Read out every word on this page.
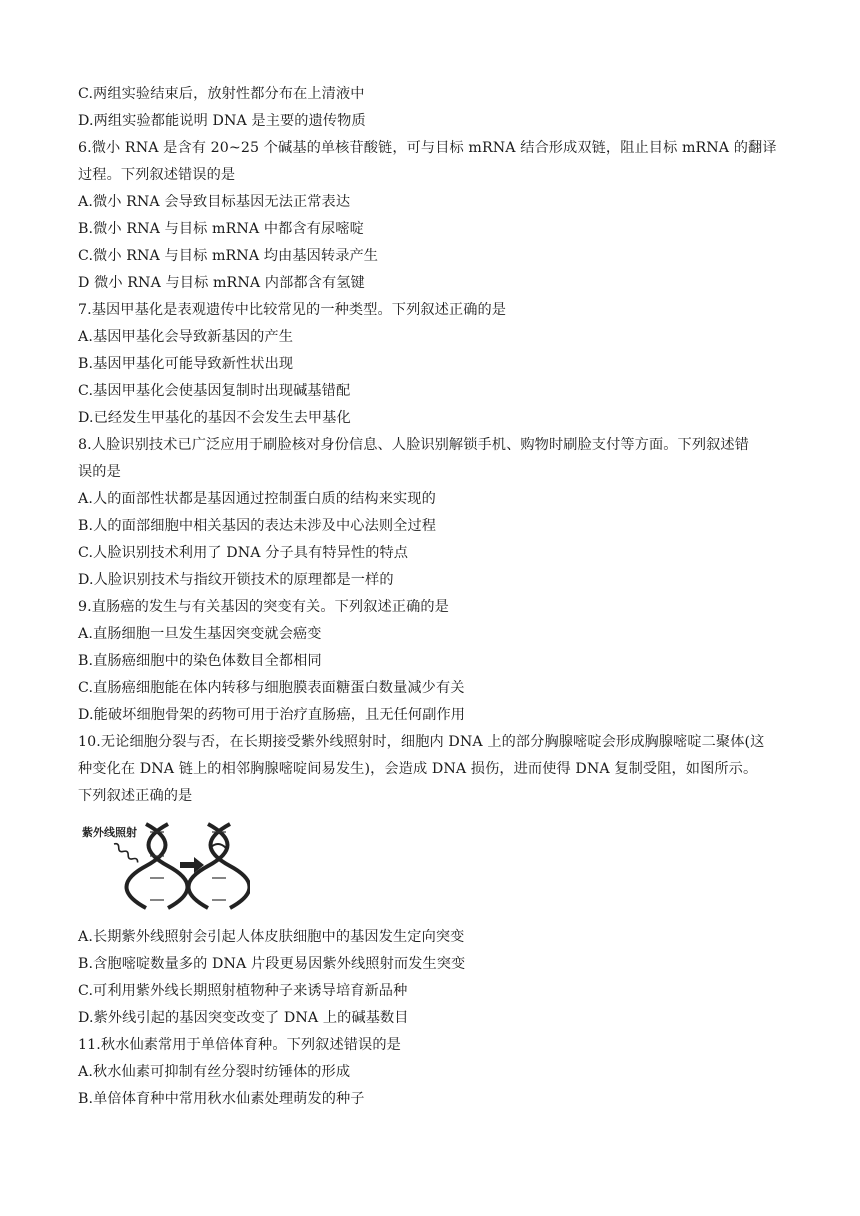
C.两组实验结束后，放射性都分布在上清液中
D.两组实验都能说明 DNA 是主要的遗传物质
6.微小 RNA 是含有 20~25 个碱基的单核苷酸链，可与目标 mRNA 结合形成双链，阻止目标 mRNA 的翻译
过程。下列叙述错误的是
A.微小 RNA 会导致目标基因无法正常表达
B.微小 RNA 与目标 mRNA 中都含有尿嘧啶
C.微小 RNA 与目标 mRNA 均由基因转录产生
D 微小 RNA 与目标 mRNA 内部都含有氢键
7.基因甲基化是表观遗传中比较常见的一种类型。下列叙述正确的是
A.基因甲基化会导致新基因的产生
B.基因甲基化可能导致新性状出现
C.基因甲基化会使基因复制时出现碱基错配
D.已经发生甲基化的基因不会发生去甲基化
8.人脸识别技术已广泛应用于刷脸核对身份信息、人脸识别解锁手机、购物时刷脸支付等方面。下列叙述错
误的是
A.人的面部性状都是基因通过控制蛋白质的结构来实现的
B.人的面部细胞中相关基因的表达未涉及中心法则全过程
C.人脸识别技术利用了 DNA 分子具有特异性的特点
D.人脸识别技术与指纹开锁技术的原理都是一样的
9.直肠癌的发生与有关基因的突变有关。下列叙述正确的是
A.直肠细胞一旦发生基因突变就会癌变
B.直肠癌细胞中的染色体数目全都相同
C.直肠癌细胞能在体内转移与细胞膜表面糖蛋白数量减少有关
D.能破坏细胞骨架的药物可用于治疗直肠癌，且无任何副作用
10.无论细胞分裂与否，在长期接受紫外线照射时，细胞内 DNA 上的部分胸腺嘧啶会形成胸腺嘧啶二聚体(这
种变化在 DNA 链上的相邻胸腺嘧啶间易发生)，会造成 DNA 损伤，进而使得 DNA 复制受阻，如图所示。
下列叙述正确的是
紫外线照射
A.长期紫外线照射会引起人体皮肤细胞中的基因发生定向突变
B.含胞嘧啶数量多的 DNA 片段更易因紫外线照射而发生突变
C.可利用紫外线长期照射植物种子来诱导培育新品种
D.紫外线引起的基因突变改变了 DNA 上的碱基数目
11.秋水仙素常用于单倍体育种。下列叙述错误的是
A.秋水仙素可抑制有丝分裂时纺锤体的形成
B.单倍体育种中常用秋水仙素处理萌发的种子
